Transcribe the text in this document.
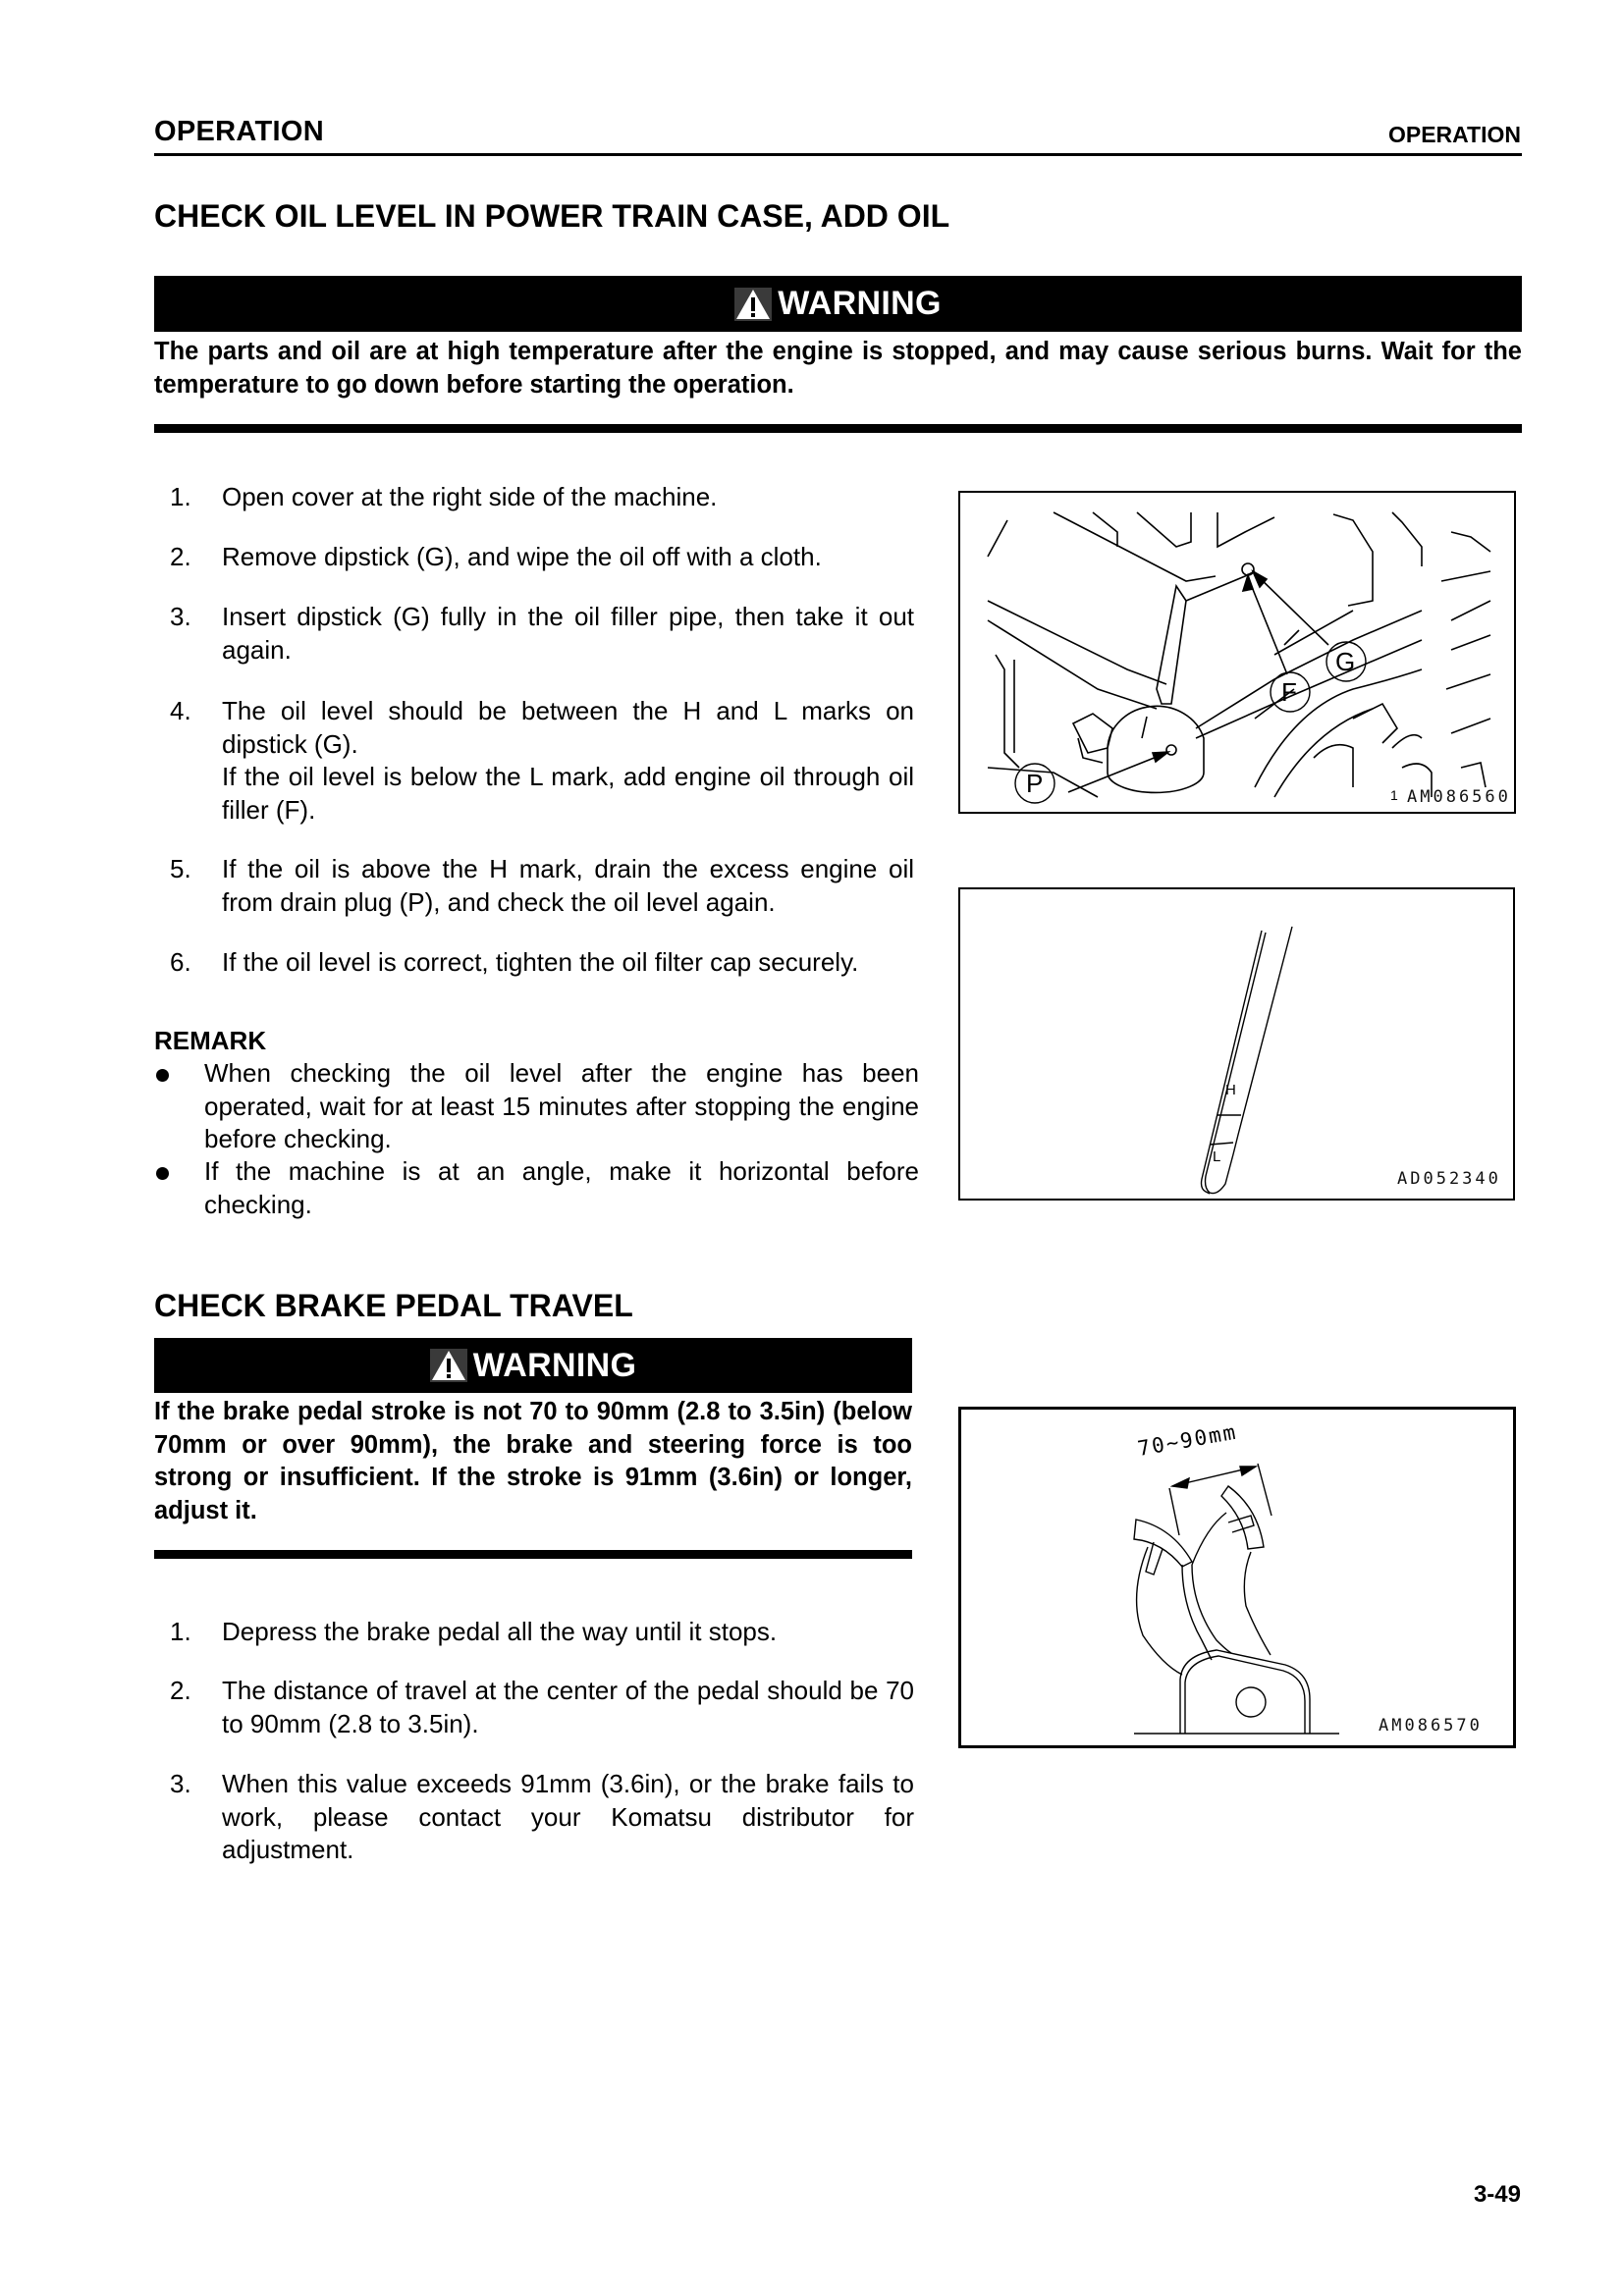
OPERATION	OPERATION
CHECK OIL LEVEL IN POWER TRAIN CASE, ADD OIL
WARNING
The parts and oil are at high temperature after the engine is stopped, and may cause serious burns. Wait for the temperature to go down before starting the operation.
1. Open cover at the right side of the machine.
2. Remove dipstick (G), and wipe the oil off with a cloth.
3. Insert dipstick (G) fully in the oil filler pipe, then take it out again.
4. The oil level should be between the H and L marks on dipstick (G).
If the oil level is below the L mark, add engine oil through oil filler (F).
5. If the oil is above the H mark, drain the excess engine oil from drain plug (P), and check the oil level again.
6. If the oil level is correct, tighten the oil filter cap securely.
REMARK
When checking the oil level after the engine has been operated, wait for at least 15 minutes after stopping the engine before checking.
If the machine is at an angle, make it horizontal before checking.
F
G
P	1 AM086560
H
L
AD052340
CHECK BRAKE PEDAL TRAVEL
WARNING
If the brake pedal stroke is not 70 to 90mm (2.8 to 3.5in) (below 70mm or over 90mm), the brake and steering force is too strong or insufficient. If the stroke is 91mm (3.6in) or longer, adjust it.
1. Depress the brake pedal all the way until it stops.
2. The distance of travel at the center of the pedal should be 70 to 90mm (2.8 to 3.5in).
3. When this value exceeds 91mm (3.6in), or the brake fails to work, please contact your Komatsu distributor for adjustment.
70~90mm
AM086570
3-49
